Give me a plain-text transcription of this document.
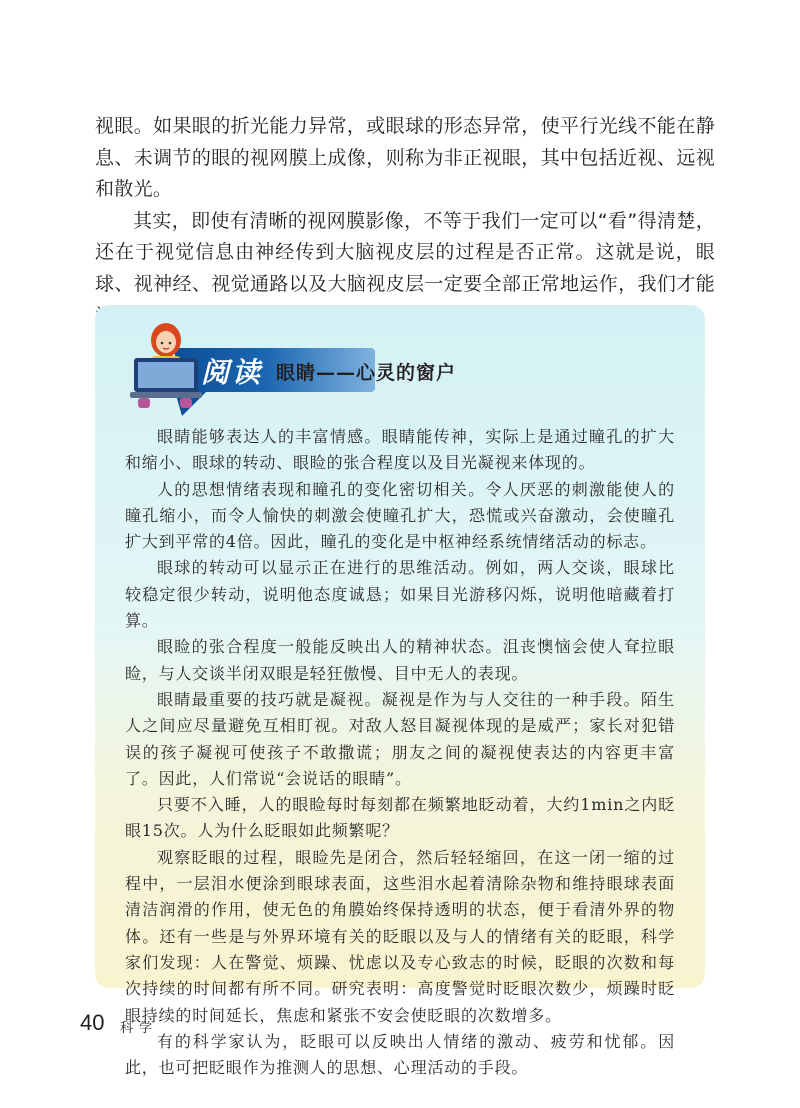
视眼。如果眼的折光能力异常，或眼球的形态异常，使平行光线不能在静息、未调节的眼的视网膜上成像，则称为非正视眼，其中包括近视、远视和散光。

其实，即使有清晰的视网膜影像，不等于我们一定可以“看”得清楚，还在于视觉信息由神经传到大脑视皮层的过程是否正常。这就是说，眼球、视神经、视觉通路以及大脑视皮层一定要全部正常地运作，我们才能

阅读 眼睛——心灵的窗户

眼睛能够表达人的丰富情感。眼睛能传神，实际上是通过瞳孔的扩大和缩小、眼球的转动、眼睑的张合程度以及目光凝视来体现的。

人的思想情绪表现和瞳孔的变化密切相关。令人厌恶的刺激能使人的瞳孔缩小，而令人愉快的刺激会使瞳孔扩大，恐慌或兴奋激动，会使瞳孔扩大到平常的4倍。因此，瞳孔的变化是中枢神经系统情绪活动的标志。

眼球的转动可以显示正在进行的思维活动。例如，两人交谈，眼球比较稳定很少转动，说明他态度诚恳；如果目光游移闪烁，说明他暗藏着打算。

眼睑的张合程度一般能反映出人的精神状态。沮丧懊恼会使人耷拉眼睑，与人交谈半闭双眼是轻狂傲慢、目中无人的表现。

眼睛最重要的技巧就是凝视。凝视是作为与人交往的一种手段。陌生人之间应尽量避免互相盯视。对敌人怒目凝视体现的是威严；家长对犯错误的孩子凝视可使孩子不敢撒谎；朋友之间的凝视使表达的内容更丰富了。因此，人们常说“会说话的眼睛”。

只要不入睡，人的眼睑每时每刻都在频繁地眨动着，大约1min之内眨眼15次。人为什么眨眼如此频繁呢？

观察眨眼的过程，眼睑先是闭合，然后轻轻缩回，在这一闭一缩的过程中，一层泪水便涂到眼球表面，这些泪水起着清除杂物和维持眼球表面清洁润滑的作用，使无色的角膜始终保持透明的状态，便于看清外界的物体。还有一些是与外界环境有关的眨眼以及与人的情绪有关的眨眼，科学家们发现：人在警觉、烦躁、忧虑以及专心致志的时候，眨眼的次数和每次持续的时间都有所不同。研究表明：高度警觉时眨眼次数少，烦躁时眨眼持续的时间延长，焦虑和紧张不安会使眨眼的次数增多。

有的科学家认为，眨眼可以反映出人情绪的激动、疲劳和忧郁。因此，也可把眨眼作为推测人的思想、心理活动的手段。

40 科学
